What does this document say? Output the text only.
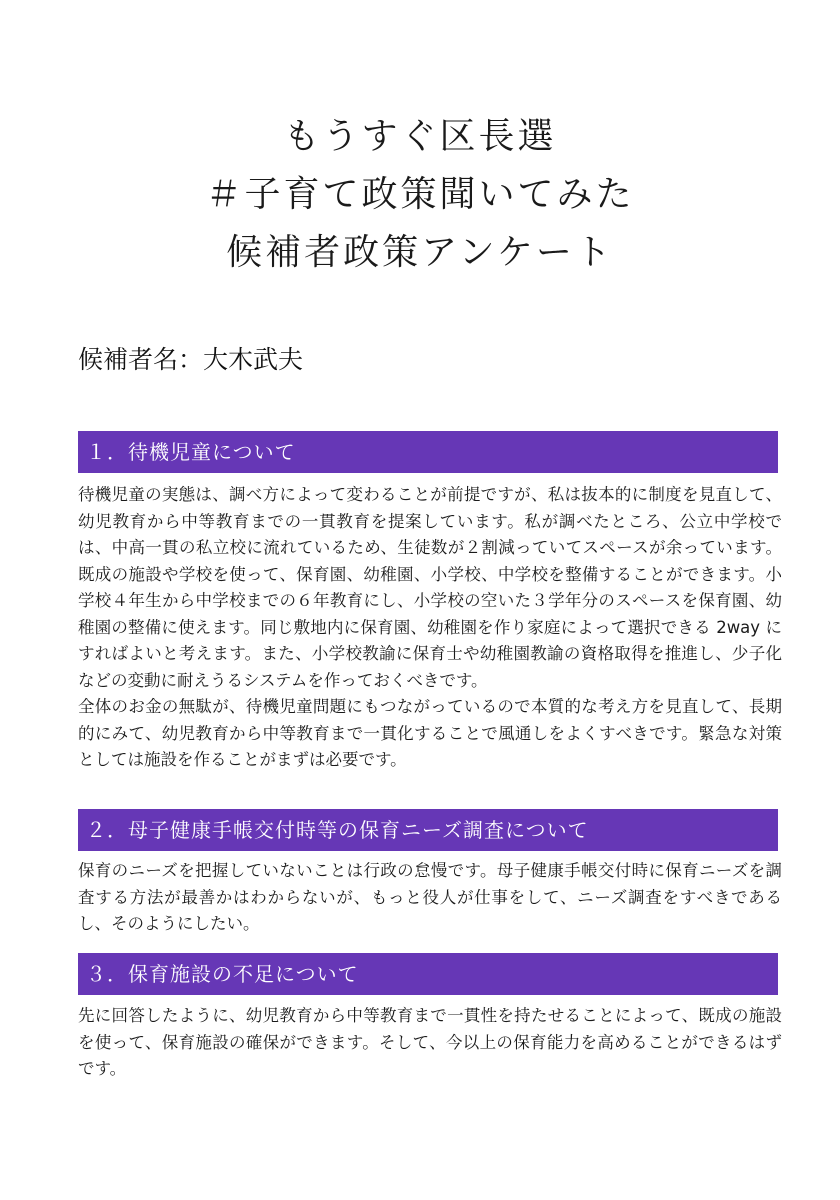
もうすぐ区長選
＃子育て政策聞いてみた
候補者政策アンケート
候補者名：大木武夫
１．待機児童について

待機児童の実態は、調べ方によって変わることが前提ですが、私は抜本的に制度を見直して、幼児教育から中等教育までの一貫教育を提案しています。私が調べたところ、公立中学校では、中高一貫の私立校に流れているため、生徒数が２割減っていてスペースが余っています。既成の施設や学校を使って、保育園、幼稚園、小学校、中学校を整備することができます。小学校４年生から中学校までの６年教育にし、小学校の空いた３学年分のスペースを保育園、幼稚園の整備に使えます。同じ敷地内に保育園、幼稚園を作り家庭によって選択できる 2way にすればよいと考えます。また、小学校教諭に保育士や幼稚園教諭の資格取得を推進し、少子化などの変動に耐えうるシステムを作っておくべきです。

全体のお金の無駄が、待機児童問題にもつながっているので本質的な考え方を見直して、長期的にみて、幼児教育から中等教育まで一貫化することで風通しをよくすべきです。緊急な対策としては施設を作ることがまずは必要です。

２．母子健康手帳交付時等の保育ニーズ調査について

保育のニーズを把握していないことは行政の怠慢です。母子健康手帳交付時に保育ニーズを調査する方法が最善かはわからないが、もっと役人が仕事をして、ニーズ調査をすべきであるし、そのようにしたい。

３．保育施設の不足について

先に回答したように、幼児教育から中等教育まで一貫性を持たせることによって、既成の施設を使って、保育施設の確保ができます。そして、今以上の保育能力を高めることができるはずです。
